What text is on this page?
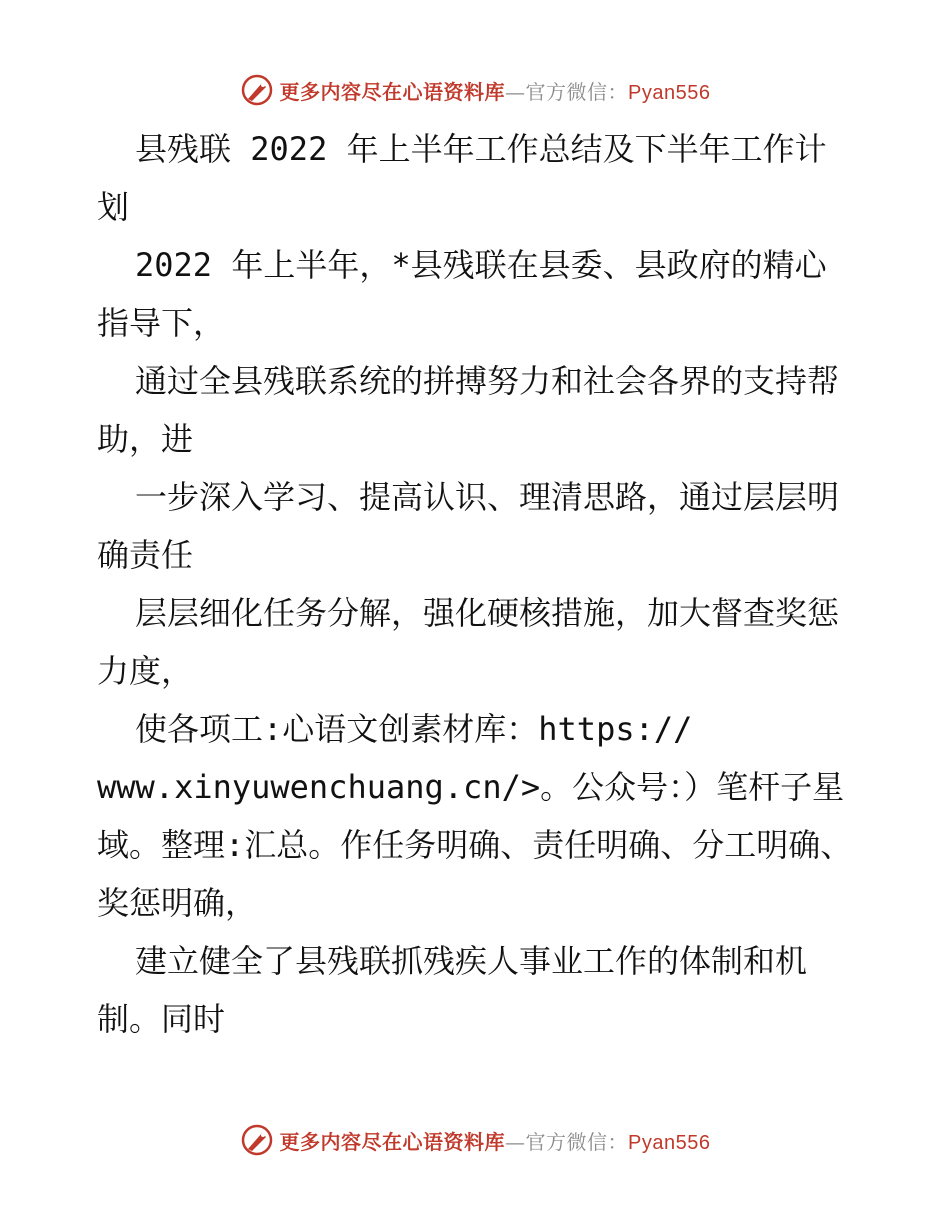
更多内容尽在心语资料库—官方微信：Pyan556

县残联 2022 年上半年工作总结及下半年工作计划

2022 年上半年，*县残联在县委、县政府的精心指导下，

通过全县残联系统的拼搏努力和社会各界的支持帮助，进

一步深入学习、提高认识、理清思路，通过层层明确责任

层层细化任务分解，强化硬核措施，加大督查奖惩力度，

使各项工:心语文创素材库：https://

www.xinyuwenchuang.cn/>。公众号：）笔杆子星域。整理:汇总。作任务明确、责任明确、分工明确、奖惩明确，

建立健全了县残联抓残疾人事业工作的体制和机制。同时

更多内容尽在心语资料库—官方微信：Pyan556
